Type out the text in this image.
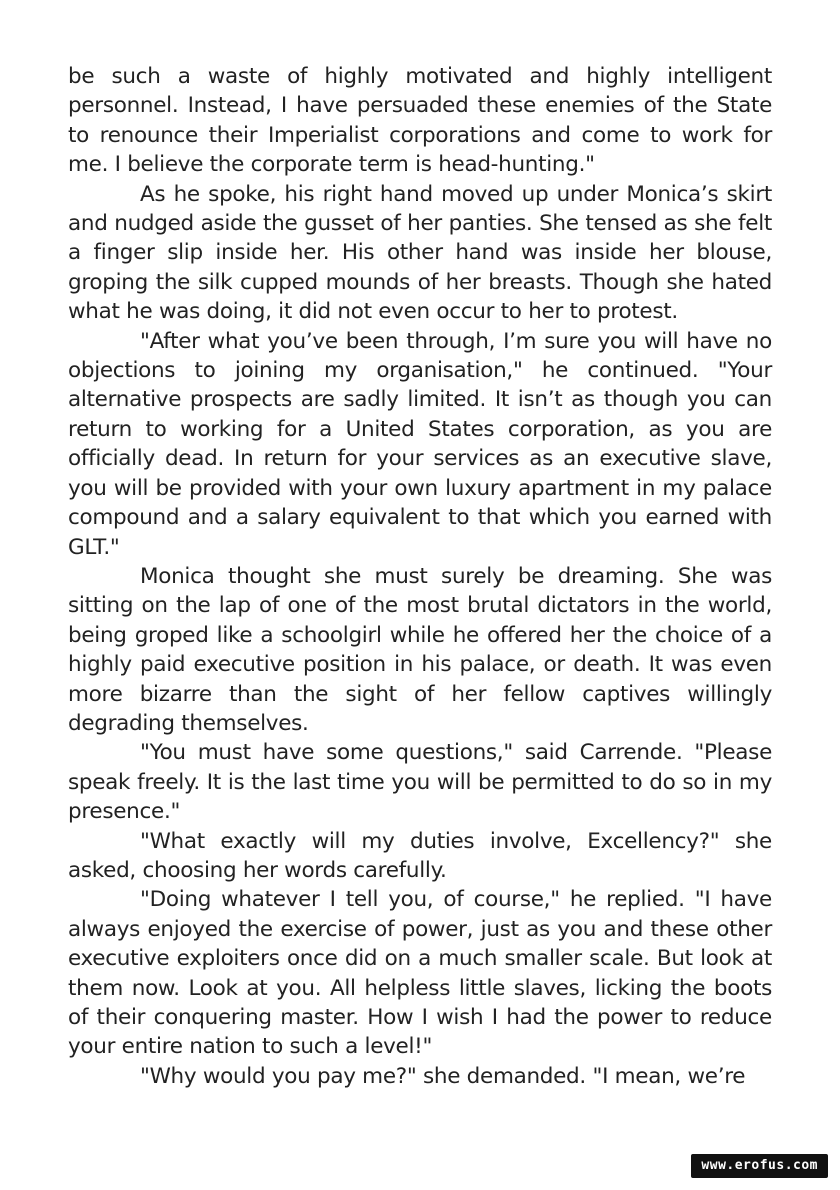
be such a waste of highly motivated and highly intelligent personnel. Instead, I have persuaded these enemies of the State to renounce their Imperialist corporations and come to work for me. I believe the corporate term is head-hunting."

As he spoke, his right hand moved up under Monica’s skirt and nudged aside the gusset of her panties. She tensed as she felt a finger slip inside her. His other hand was inside her blouse, groping the silk cupped mounds of her breasts. Though she hated what he was doing, it did not even occur to her to protest.

"After what you’ve been through, I’m sure you will have no objections to joining my organisation," he continued. "Your alternative prospects are sadly limited. It isn’t as though you can return to working for a United States corporation, as you are officially dead. In return for your services as an executive slave, you will be provided with your own luxury apartment in my palace compound and a salary equivalent to that which you earned with GLT."

Monica thought she must surely be dreaming. She was sitting on the lap of one of the most brutal dictators in the world, being groped like a schoolgirl while he offered her the choice of a highly paid executive position in his palace, or death. It was even more bizarre than the sight of her fellow captives willingly degrading themselves.

"You must have some questions," said Carrende. "Please speak freely. It is the last time you will be permitted to do so in my presence."

"What exactly will my duties involve, Excellency?" she asked, choosing her words carefully.

"Doing whatever I tell you, of course," he replied. "I have always enjoyed the exercise of power, just as you and these other executive exploiters once did on a much smaller scale. But look at them now. Look at you. All helpless little slaves, licking the boots of their conquering master. How I wish I had the power to reduce your entire nation to such a level!"

"Why would you pay me?" she demanded. "I mean, we’re

www.erofus.com
